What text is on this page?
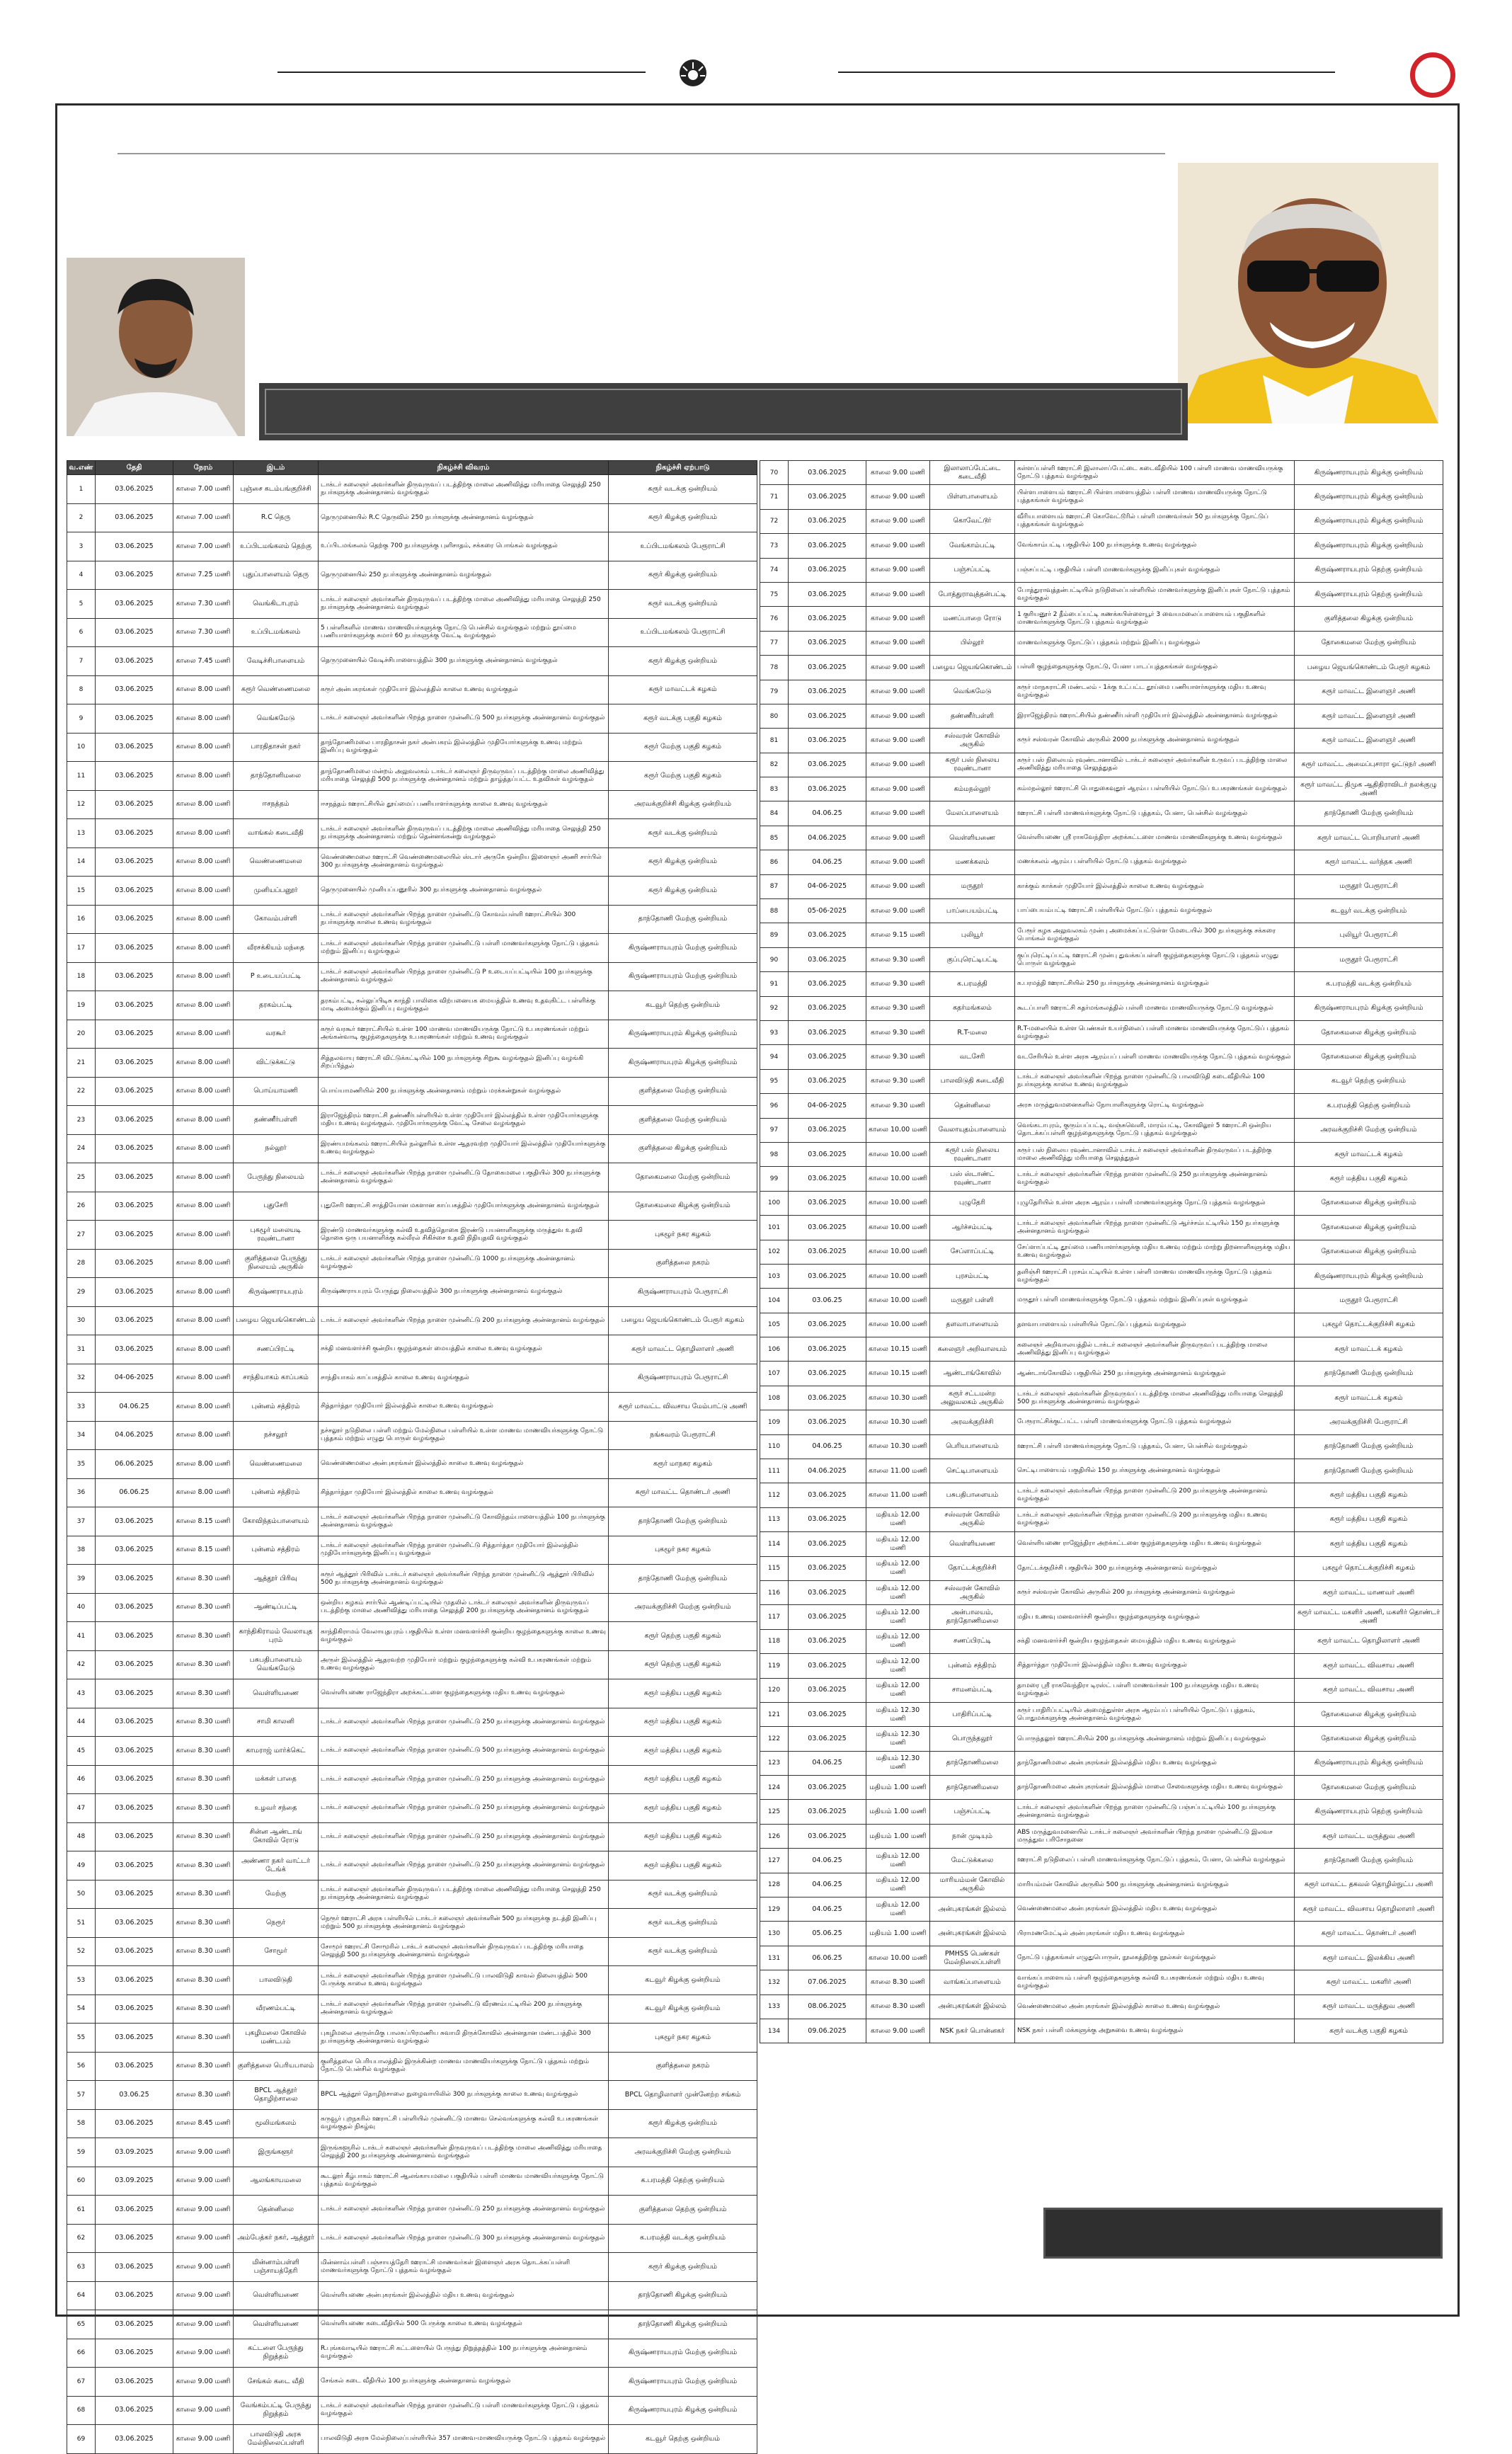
வ.எண்	தேதி	நேரம்	இடம்	நிகழ்ச்சி விவரம்	நிகழ்ச்சி ஏற்பாடு
1	03.06.2025	காலை 7.00 மணி	புஞ்சை கடம்பங்குறிச்சி	டாக்டர் கலைஞர் அவர்களின் திருவுருவப் படத்திற்கு மாலை அணிவித்து மரியாதை செலுத்தி 250 நபர்களுக்கு அன்னதானம் வழங்குதல்	கரூர் வடக்கு ஒன்றியம்
2	03.06.2025	காலை 7.00 மணி	R.C தெரு	தெருமுனையில் R.C தெருவில் 250 நபர்களுக்கு அன்னதானம் வழங்குதல்	கரூர் கிழக்கு ஒன்றியம்
3	03.06.2025	காலை 7.00 மணி	உப்பிடமங்கலம் தெற்கு	உப்பிடமங்கலம் தெற்கு 700 நபர்களுக்கு புளிசாதம், சக்கரை பொங்கல் வழங்குதல்	உப்பிடமங்கலம் பேரூராட்சி
4	03.06.2025	காலை 7.25 மணி	புதுப்பாளையம் தெரு	தெருமுனையில் 250 நபர்களுக்கு அன்னதானம் வழங்குதல்	கரூர் கிழக்கு ஒன்றியம்
5	03.06.2025	காலை 7.30 மணி	வெங்கிடாபுரம்	டாக்டர் கலைஞர் அவர்களின் திருவுருவப் படத்திற்கு மாலை அணிவித்து மரியாதை செலுத்தி 250 நபர்களுக்கு அன்னதானம் வழங்குதல்	கரூர் வடக்கு ஒன்றியம்
6	03.06.2025	காலை 7.30 மணி	உப்பிடமங்கலம்	5 பள்ளிகளில் மாணவ மாணவியர்களுக்கு நோட்டு பென்சில் வழங்குதல் மற்றும் தூய்மை பணியாளர்களுக்கு சுமார் 60 நபர்களுக்கு வேட்டி வழங்குதல்	உப்பிடமங்கலம் பேரூராட்சி
7	03.06.2025	காலை 7.45 மணி	வேடிச்சிபாளையம்	தெருமுனையில் வேடிச்சிபாளையத்தில் 300 நபர்களுக்கு அன்னதானம் வழங்குதல்	கரூர் கிழக்கு ஒன்றியம்
8	03.06.2025	காலை 8.00 மணி	கரூர் வெண்ணைமலை	கரூர் அன்பகரங்கள் முதியோர் இல்லத்தில் காலை உணவு வழங்குதல்	கரூர் மாவட்டக் கழகம்
9	03.06.2025	காலை 8.00 மணி	வெங்கமேடு	டாக்டர் கலைஞர் அவர்களின் பிறந்த நாளை முன்னிட்டு 500 நபர்களுக்கு அன்னதானம் வழங்குதல்	கரூர் வடக்கு பகுதி கழகம்
10	03.06.2025	காலை 8.00 மணி	பாரதிதாசன் நகர்	தாந்தோணிமலை பாரதிதாசன் நகர் அன்பகரம் இல்லத்தில் முதியோர்களுக்கு உணவு மற்றும் இனிப்பு வழங்குதல்	கரூர் மேற்கு பகுதி கழகம்
11	03.06.2025	காலை 8.00 மணி	தாந்தோனிமலை	தாந்தோணிமலை மன்றம் அலுவலகம் டாக்டர் கலைஞர் திருவுருவப் படத்திற்கு மாலை அணிவித்து மரியாதை செலுத்தி 500 நபர்களுக்கு அன்னதானம் மற்றும் தாழ்த்தப்பட்ட உதவிகள் வழங்குதல்	கரூர் மேற்கு பகுதி கழகம்
12	03.06.2025	காலை 8.00 மணி	ஈசநத்தம்	ஈசநத்தம் ஊராட்சியில் தூய்மைப் பணியாளர்களுக்கு காலை உணவு வழங்குதல்	அரவக்குறிச்சி கிழக்கு ஒன்றியம்
13	03.06.2025	காலை 8.00 மணி	வாங்கல் கடைவீதி	டாக்டர் கலைஞர் அவர்களின் திருவுருவப் படத்திற்கு மாலை அணிவித்து மரியாதை செலுத்தி 250 நபர்களுக்கு அன்னதானம் மற்றும் தென்னங்கன்று வழங்குதல்	கரூர் வடக்கு ஒன்றியம்
14	03.06.2025	காலை 8.00 மணி	வெண்ணைமலை	வெண்ணைமலை ஊராட்சி வெண்ணைமலையில் ஸ்டார் அருகே ஒன்றிய இளைஞர் அணி சார்பில் 300 நபர்களுக்கு அன்னதானம் வழங்குதல்	கரூர் கிழக்கு ஒன்றியம்
15	03.06.2025	காலை 8.00 மணி	முனியப்பனூர்	தெருமுனையில் முனியப்பனூரில் 300 நபர்களுக்கு அன்னதானம் வழங்குதல்	கரூர் கிழக்கு ஒன்றியம்
16	03.06.2025	காலை 8.00 மணி	கோவம்பள்ளி	டாக்டர் கலைஞர் அவர்களின் பிறந்த நாளை முன்னிட்டு கோவம்பள்ளி ஊராட்சியில் 300 நபர்களுக்கு காலை உணவு வழங்குதல்	தாந்தோணி மேற்கு ஒன்றியம்
17	03.06.2025	காலை 8.00 மணி	வீரசக்கியம் மந்தை	டாக்டர் கலைஞர் அவர்களின் பிறந்த நாளை முன்னிட்டு பள்ளி மாணவர்களுக்கு நோட்டு புத்தகம் மற்றும் இனிப்பு வழங்குதல்	கிருஷ்ணராயபுரம் மேற்கு ஒன்றியம்
18	03.06.2025	காலை 8.00 மணி	P உடையப்பட்டி	டாக்டர் கலைஞர் அவர்களின் பிறந்த நாளை முன்னிட்டு P உடையப்பட்டியில் 100 நபர்களுக்கு அன்னதானம் வழங்குதல்	கிருஷ்ணராயபுரம் மேற்கு ஒன்றியம்
19	03.06.2025	காலை 8.00 மணி	தரகம்பட்டி	தரகம்பட்டி, கல்லுப்பிடிசு காந்தி பாலிகை விற்பனையக மையத்தில் உணவு உதவுகிட்ட பள்ளிக்கு மாடி அமைக்கும் இனிப்பு வழங்குதல்	கடவூர் தெற்கு ஒன்றியம்
20	03.06.2025	காலை 8.00 மணி	வரகூர்	கரூர் வரகூர் ஊராட்சியில் உள்ள 100 மாணவ மாணவியருக்கு நோட்டு உபகரணங்கள் மற்றும் அங்கன்வாடி குழந்தைகளுக்கு உபகரணங்கள் மற்றும் உணவு வழங்குதல்	கிருஷ்ணராயபுரம் கிழக்கு ஒன்றியம்
21	03.06.2025	காலை 8.00 மணி	விட்டுக்கட்டு	சித்தலவாயு ஊராட்சி விட்டுக்கட்டியில் 100 நபர்களுக்கு சிறுகூ வழங்குதல் இனிப்பு வழங்கி சிறப்பித்தல்	கிருஷ்ணராயபுரம் கிழக்கு ஒன்றியம்
22	03.06.2025	காலை 8.00 மணி	பொய்யாமணி	பொய்யாமணியில் 200 நபர்களுக்கு அன்னதானம் மற்றும் மரக்கன்றுகள் வழங்குதல்	குளித்தலை மேற்கு ஒன்றியம்
23	03.06.2025	காலை 8.00 மணி	தண்ணீர்பள்ளி	இராஜேந்திரம் ஊராட்சி தண்ணீர்பள்ளியில் உள்ள முதியோர் இல்லத்தில் உள்ள முதியோர்களுக்கு மதிய உணவு வழங்குதல். முதியோர்களுக்கு வேட்டி சேலை வழங்குதல்	குளித்தலை மேற்கு ஒன்றியம்
24	03.06.2025	காலை 8.00 மணி	நல்லூர்	இரண்யமங்கலம் ஊராட்சியில் நல்லூரில் உள்ள ஆதரவற்ற முதியோர் இல்லத்தில் முதியோர்களுக்கு உணவு வழங்குதல்	குளித்தலை கிழக்கு ஒன்றியம்
25	03.06.2025	காலை 8.00 மணி	பேருந்து நிலையம்	டாக்டர் கலைஞர் அவர்களின் பிறந்த நாளை முன்னிட்டு தோகைமலை பகுதியில் 300 நபர்களுக்கு அன்னதானம் வழங்குதல்	தோகைமலை மேற்கு ஒன்றியம்
26	03.06.2025	காலை 8.00 மணி	புதுசேரி	புதுசேரி ஊராட்சி சாத்தியோன மகளான காப்பகத்தில் முதியோர்களுக்கு அன்னதானம் வழங்குதல்	தோகைமலை கிழக்கு ஒன்றியம்
27	03.06.2025	காலை 8.00 மணி	புகழூர் மலையடி ரவுண்டானா	இரண்டு மாணவர்களுக்கு கல்வி உதவித்தொகை இரண்டு பயனாளிகளுக்கு மருத்துவ உதவி தொகை ஒரு பயனாளிக்கு கல்லீரல் சிகிச்சை உதவி நிதியுதவி வழங்குதல்	புகழூர் நகர கழகம்
28	03.06.2025	காலை 8.00 மணி	குளித்தலை பேருந்து நிலையம் அருகில்	டாக்டர் கலைஞர் அவர்களின் பிறந்த நாளை முன்னிட்டு 1000 நபர்களுக்கு அன்னதானம் வழங்குதல்	குளித்தலை நகரம்
29	03.06.2025	காலை 8.00 மணி	கிருஷ்ணராயபுரம்	கிருஷ்ணராயபுரம் பேருந்து நிலையத்தில் 300 நபர்களுக்கு அன்னதானம் வழங்குதல்	கிருஷ்ணராயபுரம் பேரூராட்சி
30	03.06.2025	காலை 8.00 மணி	பழைய ஜெயங்கொண்டம்	டாக்டர் கலைஞர் அவர்களின் பிறந்த நாளை முன்னிட்டு 200 நபர்களுக்கு அன்னதானம் வழங்குதல்	பழைய ஜெயங்கொண்டம் பேரூர் கழகம்
31	03.06.2025	காலை 8.00 மணி	சணப்பிரட்டி	சக்தி மனவளர்ச்சி குன்றிய குழந்தைகள் மையத்தில் காலை உணவு வழங்குதல்	கரூர் மாவட்ட தொழிலாளர் அணி
32	04-06-2025	காலை 8.00 மணி	சாந்தியாகம் காப்பகம்	சாந்தியாகம் காப்பகத்தில் காலை உணவு வழங்குதல்	கிருஷ்ணராயபுரம் பேரூராட்சி
33	04.06.25	காலை 8.00 மணி	புன்னம் சத்திரம்	சித்தார்த்தா முதியோர் இல்லத்தில் காலை உணவு வழங்குதல்	கரூர் மாவட்ட விவசாய மேம்பாட்டு அணி
34	04.06.2025	காலை 8.00 மணி	நச்சலூர்	நச்சலூர் நடுநிலை பள்ளி மற்றும் மேல்நிலை பள்ளியில் உள்ள மாணவ மாணவியர்களுக்கு நோட்டு புத்தகம் மற்றும் எழுது பொருள் வழங்குதல்	நங்கவரம் பேரூராட்சி
35	06.06.2025	காலை 8.00 மணி	வெண்ணைமலை	வெண்ணைமலை அன்புகரங்கள் இல்லத்தில் காலை உணவு வழங்குதல்	கரூர் மாநகர கழகம்
36	06.06.25	காலை 8.00 மணி	புன்னம் சத்திரம்	சித்தார்த்தா முதியோர் இல்லத்தில் காலை உணவு வழங்குதல்	கரூர் மாவட்ட தொண்டர் அணி
37	03.06.2025	காலை 8.15 மணி	கோவிந்தம்பாளையம்	டாக்டர் கலைஞர் அவர்களின் பிறந்த நாளை முன்னிட்டு கோவிந்தம்பாளையத்தில் 100 நபர்களுக்கு அன்னதானம் வழங்குதல்	தாந்தோணி மேற்கு ஒன்றியம்
38	03.06.2025	காலை 8.15 மணி	புன்னம் சத்திரம்	டாக்டர் கலைஞர் அவர்களின் பிறந்த நாளை முன்னிட்டு சித்தார்த்தா முதியோர் இல்லத்தில் முதியோர்களுக்கு இனிப்பு வழங்குதல்	புகழூர் நகர கழகம்
39	03.06.2025	காலை 8.30 மணி	ஆத்தூர் பிரிவு	கரூர் ஆத்தூர் பிரிவில் டாக்டர் கலைஞர் அவர்களின் பிறந்த நாளை முன்னிட்டு ஆத்தூர் பிரிவில் 500 நபர்களுக்கு அன்னதானம் வழங்குதல்	தாந்தோணி மேற்கு ஒன்றியம்
40	03.06.2025	காலை 8.30 மணி	ஆண்டிப்பட்டி	ஒன்றிய கழகம் சார்பில் ஆண்டிப்பட்டியில் முதலில் டாக்டர் கலைஞர் அவர்களின் திருவுருவப் படத்திற்கு மாலை அணிவித்து மரியாதை செலுத்தி 200 நபர்களுக்கு அன்னதானம் வழங்குதல்	அரவக்குறிச்சி மேற்கு ஒன்றியம்
41	03.06.2025	காலை 8.30 மணி	காந்திகிராமம் வேலாயுத புரம்	காந்திகிராமம் வேலாயுதபுரம் பகுதியில் உள்ள மனவளர்ச்சி குன்றிய குழந்தைகளுக்கு காலை உணவு வழங்குதல்	கரூர் தெற்கு பகுதி கழகம்
42	03.06.2025	காலை 8.30 மணி	பசுபதிபாளையம் வெங்கமேடு	அருள் இல்லத்தில் ஆதரவற்ற முதியோர் மற்றும் குழந்தைகளுக்கு கல்வி உபகரணங்கள் மற்றும் உணவு வழங்குதல்	கரூர் தெற்கு பகுதி கழகம்
43	03.06.2025	காலை 8.30 மணி	வெள்ளியணை	வெள்ளியணை ராஜேந்திரா அறக்கட்டளை குழந்தைகளுக்கு மதிய உணவு வழங்குதல்	கரூர் மத்திய பகுதி கழகம்
44	03.06.2025	காலை 8.30 மணி	சாமி காலனி	டாக்டர் கலைஞர் அவர்களின் பிறந்த நாளை முன்னிட்டு 250 நபர்களுக்கு அன்னதானம் வழங்குதல்	கரூர் மத்திய பகுதி கழகம்
45	03.06.2025	காலை 8.30 மணி	காமராஜ் மார்க்கெட்	டாக்டர் கலைஞர் அவர்களின் பிறந்த நாளை முன்னிட்டு 500 நபர்களுக்கு அன்னதானம் வழங்குதல்	கரூர் மத்திய பகுதி கழகம்
46	03.06.2025	காலை 8.30 மணி	மக்கள் பாதை	டாக்டர் கலைஞர் அவர்களின் பிறந்த நாளை முன்னிட்டு 250 நபர்களுக்கு அன்னதானம் வழங்குதல்	கரூர் மத்திய பகுதி கழகம்
47	03.06.2025	காலை 8.30 மணி	உழவர் சந்தை	டாக்டர் கலைஞர் அவர்களின் பிறந்த நாளை முன்னிட்டு 250 நபர்களுக்கு அன்னதானம் வழங்குதல்	கரூர் மத்திய பகுதி கழகம்
48	03.06.2025	காலை 8.30 மணி	சின்ன ஆண்டாங் கோவில் ரோடு	டாக்டர் கலைஞர் அவர்களின் பிறந்த நாளை முன்னிட்டு 250 நபர்களுக்கு அன்னதானம் வழங்குதல்	கரூர் மத்திய பகுதி கழகம்
49	03.06.2025	காலை 8.30 மணி	அண்ணா நகர் வாட்டர் டேங்க்	டாக்டர் கலைஞர் அவர்களின் பிறந்த நாளை முன்னிட்டு 250 நபர்களுக்கு அன்னதானம் வழங்குதல்	கரூர் மத்திய பகுதி கழகம்
50	03.06.2025	காலை 8.30 மணி	மேற்கு	டாக்டர் கலைஞர் அவர்களின் திருவுருவப் படத்திற்கு மாலை அணிவித்து மரியாதை செலுத்தி 250 நபர்களுக்கு அன்னதானம் வழங்குதல்	கரூர் வடக்கு ஒன்றியம்
51	03.06.2025	காலை 8.30 மணி	நெரூர்	நெரூர் ஊராட்சி அரசு பள்ளியில் டாக்டர் கலைஞர் அவர்களின் 500 நபர்களுக்கு நடத்தி இனிப்பு மற்றும் 500 நபர்களுக்கு அன்னதானம் வழங்குதல்	கரூர் வடக்கு ஒன்றியம்
52	03.06.2025	காலை 8.30 மணி	சோமூர்	சோமூர் ஊராட்சி சோமூரில் டாக்டர் கலைஞர் அவர்களின் திருவுருவப் படத்திற்கு மரியாதை செலுத்தி 500 நபர்களுக்கு அன்னதானம் வழங்குதல்	கரூர் வடக்கு ஒன்றியம்
53	03.06.2025	காலை 8.30 மணி	பாலவிடுதி	டாக்டர் கலைஞர் அவர்களின் பிறந்த நாளை முன்னிட்டு பாலவிடுதி காவல் நிலையத்தில் 500 பேருக்கு காலை உணவு வழங்குதல்	கடவூர் கிழக்கு ஒன்றியம்
54	03.06.2025	காலை 8.30 மணி	வீரணம்பட்டி	டாக்டர் கலைஞர் அவர்களின் பிறந்த நாளை முன்னிட்டு வீரணம்பட்டியில் 200 நபர்களுக்கு அன்னதானம் வழங்குதல்	கடவூர் கிழக்கு ஒன்றியம்
55	03.06.2025	காலை 8.30 மணி	புகழிமலை கோவில் மண்டபம்	புகழிமலை அருள்மிகு பாலசுப்பிரமணிய சுவாமி திருக்கோவில் அன்னதான மண்டபத்தில் 300 நபர்களுக்கு அன்னதானம் வழங்குதல்	புகழூர் நகர கழகம்
56	03.06.2025	காலை 8.30 மணி	குளித்தலை பெரியபாலம்	குளித்தலை பெரியபாலத்தில் இருக்கின்ற மாணவ மாணவியர்களுக்கு நோட்டு புத்தகம் மற்றும் நோட்டு பென்சில் வழங்குதல்	குளித்தலை நகரம்
57	03.06.25	காலை 8.30 மணி	BPCL ஆத்தூர் தொழிற்சாலை	BPCL ஆத்தூர் தொழிற்சாலை நுழைவாயிலில் 300 நபர்களுக்கு காலை உணவு வழங்குதல்	BPCL தொழிலாளர் முன்னேற்ற சங்கம்
58	03.06.2025	காலை 8.45 மணி	மூலிமங்கலம்	கருவூர் புறநகரில் ஊராட்சி பள்ளியில் முன்னிட்டு மாணவ செல்வங்களுக்கு கல்வி உபகரணங்கள் வழங்குதல் நிகழ்வு	கரூர் கிழக்கு ஒன்றியம்
59	03.09.2025	காலை 9.00 மணி	இருங்களூர்	இருங்களூரில் டாக்டர் கலைஞர் அவர்களின் திருவுருவப் படத்திற்கு மாலை அணிவித்து மரியாதை செலுத்தி 200 நபர்களுக்கு அன்னதானம் வழங்குதல்	அரவக்குறிச்சி மேற்கு ஒன்றியம்
60	03.09.2025	காலை 9.00 மணி	ஆலங்காயமலை	கூடலூர் கீழ்பாகம் ஊராட்சி ஆலங்காயமலை பகுதியில் பள்ளி மாணவ மாணவியர்களுக்கு நோட்டு புத்தகம் வழங்குதல்	க.பரமத்தி தெற்கு ஒன்றியம்
61	03.06.2025	காலை 9.00 மணி	தென்னிலை	டாக்டர் கலைஞர் அவர்களின் பிறந்த நாளை முன்னிட்டு 250 நபர்களுக்கு அன்னதானம் வழங்குதல்	குளித்தலை தெற்கு ஒன்றியம்
62	03.06.2025	காலை 9.00 மணி	அம்பேத்கர் நகர், ஆத்தூர்	டாக்டர் கலைஞர் அவர்களின் பிறந்த நாளை முன்னிட்டு 300 நபர்களுக்கு அன்னதானம் வழங்குதல்	க.பரமத்தி வடக்கு ஒன்றியம்
63	03.06.2025	காலை 9.00 மணி	மின்னாம்பள்ளி பஞ்சாயத்தேரி	மின்னாம்பள்ளி பஞ்சாயத்தேரி ஊராட்சி மாணவர்கள் இளைஞர் அரசு தொடக்கப்பள்ளி மாணவர்களுக்கு நோட்டு புத்தகம் வழங்குதல்	கரூர் கிழக்கு ஒன்றியம்
64	03.06.2025	காலை 9.00 மணி	வெள்ளியணை	வெள்ளியணை அன்புகரங்கள் இல்லத்தில் மதிய உணவு வழங்குதல்	தாந்தோணி கிழக்கு ஒன்றியம்
65	03.06.2025	காலை 9.00 மணி	வெள்ளியணை	வெள்ளியணை கடைவீதியில் 500 பேருக்கு காலை உணவு வழங்குதல்	தாந்தோணி கிழக்கு ஒன்றியம்
66	03.06.2025	காலை 9.00 மணி	கட்டளை பேருந்து நிறுத்தம்	R.புங்கவாடியில் ஊராட்சி கட்டளையில் பேருந்து நிறுத்தத்தில் 100 நபர்களுக்கு அன்னதானம் வழங்குதல்	கிருஷ்ணராயபுரம் மேற்கு ஒன்றியம்
67	03.06.2025	காலை 9.00 மணி	சேங்கல் கடை வீதி	சேங்கல் கடை வீதியில் 100 நபர்களுக்கு அன்னதானம் வழங்குதல்	கிருஷ்ணராயபுரம் மேற்கு ஒன்றியம்
68	03.06.2025	காலை 9.00 மணி	வேங்கம்பட்டி பேருந்து நிறுத்தம்	டாக்டர் கலைஞர் அவர்களின் பிறந்த நாளை முன்னிட்டு பள்ளி மாணவர்களுக்கு நோட்டு புத்தகம் வழங்குதல்	கிருஷ்ணராயபுரம் கிழக்கு ஒன்றியம்
69	03.06.2025	காலை 9.00 மணி	பாலவிடுதி அரசு மேல்நிலைப்பள்ளி	பாலவிடுதி அரசு மேல்நிலைப்பள்ளியில் 357 மாணவ-மாணவியருக்கு நோட்டு புத்தகம் வழங்குதல்	கடவூர் தெற்கு ஒன்றியம்
70	03.06.2025	காலை 9.00 மணி	இலாலாப்பேட்டை கடைவீதி	கள்ளப்பள்ளி ஊராட்சி இலாலாப்பேட்டை கடைவீதியில் 100 பள்ளி மாணவ மாணவியருக்கு நோட்டு புத்தகம் வழங்குதல்	கிருஷ்ணராயபுரம் கிழக்கு ஒன்றியம்
71	03.06.2025	காலை 9.00 மணி	பிள்ளபாளையம்	பிள்ளபாளையம் ஊராட்சி பிள்ளபாளையத்தில் பள்ளி மாணவ மாணவியருக்கு நோட்டு புத்தகங்கள் வழங்குதல்	கிருஷ்ணராயபுரம் கிழக்கு ஒன்றியம்
72	03.06.2025	காலை 9.00 மணி	கொவேட்டூர்	வீரியபாளையம் ஊராட்சி கொவேட்டூரில் பள்ளி மாணவர்கள் 50 நபர்களுக்கு நோட்டுப் புத்தகங்கள் வழங்குதல்	கிருஷ்ணராயபுரம் கிழக்கு ஒன்றியம்
73	03.06.2025	காலை 9.00 மணி	வேங்காம்பட்டி	வேங்காம்பட்டி பகுதியில் 100 நபர்களுக்கு உணவு வழங்குதல்	கிருஷ்ணராயபுரம் கிழக்கு ஒன்றியம்
74	03.06.2025	காலை 9.00 மணி	பஞ்சப்பட்டி	பஞ்சப்பட்டி பகுதியில் பள்ளி மாணவர்களுக்கு இனிப்புகள் வழங்குதல்	கிருஷ்ணராயபுரம் தெற்கு ஒன்றியம்
75	03.06.2025	காலை 9.00 மணி	போத்துராவுத்தன்பட்டி	போத்துராவுத்தன்பட்டியில் நடுநிலைப்பள்ளியில் மாணவர்களுக்கு இனிப்புகள் நோட்டு புத்தகம் வழங்குதல்	கிருஷ்ணராயபுரம் தெற்கு ஒன்றியம்
76	03.06.2025	காலை 9.00 மணி	மணப்பாறை ரோடு	1 குரியனூர் 2 தீம்பைப்பட்டி கணக்கபிள்ளையூர் 3 வையமலைப்பாளையம் பகுதிகளில் மாணவர்களுக்கு நோட்டு புத்தகம் வழங்குதல்	குளித்தலை கிழக்கு ஒன்றியம்
77	03.06.2025	காலை 9.00 மணி	பில்லூர்	மாணவர்களுக்கு நோட்டுப் புத்தகம் மற்றும் இனிப்பு வழங்குதல்	தோகைமலை மேற்கு ஒன்றியம்
78	03.06.2025	காலை 9.00 மணி	பழைய ஜெயங்கொண்டம்	பள்ளி குழந்தைகளுக்கு நோட்டு, பேனா பாடப்புத்தகங்கள் வழங்குதல்	பழைய ஜெயங்கொண்டம் பேரூர் கழகம்
79	03.06.2025	காலை 9.00 மணி	வெங்கமேடு	கரூர் மாநகராட்சி மண்டலம் - 1க்கு உட்பட்ட தூய்மை பணியாளர்களுக்கு மதிய உணவு வழங்குதல்	கரூர் மாவட்ட இளைஞர் அணி
80	03.06.2025	காலை 9.00 மணி	தண்ணீர்பள்ளி	இராஜேந்திரம் ஊராட்சியில் தண்ணீர்பள்ளி முதியோர் இல்லத்தில் அன்னதானம் வழங்குதல்	கரூர் மாவட்ட இளைஞர் அணி
81	03.06.2025	காலை 9.00 மணி	சஸ்வரன் கோவில் அருகில்	கரூர் சஸ்வரன் கோவில் அருகில் 2000 நபர்களுக்கு அன்னதானம் வழங்குதல்	கரூர் மாவட்ட இளைஞர் அணி
82	03.06.2025	காலை 9.00 மணி	கரூர் பஸ் நிலைய ரவுண்டானா	கரூர் பஸ் நிலையம் ரவுண்டானாவில் டாக்டர் கலைஞர் அவர்களின் உருவப் படத்திற்கு மாலை அணிவித்து மரியாதை செலுத்துதல்	கரூர் மாவட்ட அமைப்புசாரா ஓட்டுநர் அணி
83	03.06.2025	காலை 9.00 மணி	கம்மநல்லூர்	கம்மநல்லூர் ஊராட்சி பொதுகைவுதூர் ஆரம்ப பள்ளியில் நோட்டுப் உபகரணங்கள் வழங்குதல்	கரூர் மாவட்ட திமுக ஆதிதிராவிடர் நலக்குழு அணி
84	04.06.25	காலை 9.00 மணி	மேலப்பாளையம்	ஊராட்சி பள்ளி மாணவர்களுக்கு நோட்டு புத்தகம், பேனா, பென்சில் வழங்குதல்	தாந்தோணி மேற்கு ஒன்றியம்
85	04.06.2025	காலை 9.00 மணி	வெள்ளியணை	வெள்ளியணை ஸ்ரீ ராகவேந்திரா அறக்கட்டளை மாணவ மாணவிகளுக்கு உணவு வழங்குதல்	கரூர் மாவட்ட பொறியாளர் அணி
86	04.06.25	காலை 9.00 மணி	மணக்கலம்	மணக்கலம் ஆரம்ப பள்ளியில் நோட்டு புத்தகம் வழங்குதல்	கரூர் மாவட்ட வர்த்தக அணி
87	04-06-2025	காலை 9.00 மணி	மருதூர்	காக்கும் காக்கள் முதியோர் இல்லத்தில் காலை உணவு வழங்குதல்	மருதூர் பேரூராட்சி
88	05-06-2025	காலை 9.00 மணி	பாப்பையம்பட்டி	பாப்பையம்பட்டி ஊராட்சி பள்ளியில் நோட்டுப் புத்தகம் வழங்குதல்	கடவூர் வடக்கு ஒன்றியம்
89	03.06.2025	காலை 9.15 மணி	புலியூர்	பேரூர் கழக அலுவலகம் முன்பு அமைக்கப்பட்டுள்ள மேடையில் 300 நபர்களுக்கு சக்கரை பொங்கல் வழங்குதல்	புலியூர் பேரூராட்சி
90	03.06.2025	காலை 9.30 மணி	குப்புரெட்டிபட்டி	குப்புரெட்டிப்பட்டி ஊராட்சி முன்பு துவக்கப்பள்ளி குழந்தைகளுக்கு நோட்டு புத்தகம் எழுது பொருள் வழங்குதல்	மருதூர் பேரூராட்சி
91	03.06.2025	காலை 9.30 மணி	க.பரமத்தி	க.பரமத்தி ஊராட்சியில் 250 நபர்களுக்கு அன்னதானம் வழங்குதல்	க.பரமத்தி வடக்கு ஒன்றியம்
92	03.06.2025	காலை 9.30 மணி	கதர்மங்கலம்	கூடப்பாளி ஊராட்சி கதர்மங்கலத்தில் பள்ளி மாணவ மாணவியருக்கு நோட்டு வழங்குதல்	கிருஷ்ணராயபுரம் கிழக்கு ஒன்றியம்
93	03.06.2025	காலை 9.30 மணி	R.T-மலை	R.T-மலையில் உள்ள பெண்கள் உயர்நிலைப் பள்ளி மாணவ மாணவியருக்கு நோட்டுப் புத்தகம் வழங்குதல்	தோகைமலை கிழக்கு ஒன்றியம்
94	03.06.2025	காலை 9.30 மணி	வடசேரி	வடசேரியில் உள்ள அரசு ஆரம்பப் பள்ளி மாணவ மாணவியருக்கு நோட்டு புத்தகம் வழங்குதல்	தோகைமலை கிழக்கு ஒன்றியம்
95	03.06.2025	காலை 9.30 மணி	பாலவிடுதி கடைவீதி	டாக்டர் கலைஞர் அவர்களின் பிறந்த நாளை முன்னிட்டு பாலவிடுதி கடைவீதியில் 100 நபர்களுக்கு காலை உணவு வழங்குதல்	கடவூர் தெற்கு ஒன்றியம்
96	04-06-2025	காலை 9.30 மணி	தென்னிலை	அரசு மருத்துவமனைகளில் நோயாளிகளுக்கு ரொட்டி வழங்குதல்	க.பரமத்தி தெற்கு ஒன்றியம்
97	03.06.2025	காலை 10.00 மணி	வேலாயுதம்பாளையம்	வெங்கடாபுரம், குரும்பப்பட்டி, வஞ்சுவெளி, மாரம்பட்டி, கோவிலூர் 5 ஊராட்சி ஒன்றிய தொடக்கப்பள்ளி குழந்தைகளுக்கு நோட்டு புத்தகம் வழங்குதல்	அரவக்குறிச்சி மேற்கு ஒன்றியம்
98	03.06.2025	காலை 10.00 மணி	கரூர் பஸ் நிலைய ரவுண்டானா	கரூர் பஸ் நிலைய ரவுண்டானாவில் டாக்டர் கலைஞர் அவர்களின் திருவுருவப் படத்திற்கு மாலை அணிவித்து மரியாதை செலுத்துதல்	கரூர் மாவட்டக் கழகம்
99	03.06.2025	காலை 10.00 மணி	பஸ் ஸ்டாண்ட் ரவுண்டானா	டாக்டர் கலைஞர் அவர்களின் பிறந்த நாளை முன்னிட்டு 250 நபர்களுக்கு அன்னதானம் வழங்குதல்	கரூர் மத்திய பகுதி கழகம்
100	03.06.2025	காலை 10.00 மணி	புழுதேரி	புழுதேரியில் உள்ள அரசு ஆரம்ப பள்ளி மாணவர்களுக்கு நோட்டு புத்தகம் வழங்குதல்	தோகைமலை கிழக்கு ஒன்றியம்
101	03.06.2025	காலை 10.00 மணி	ஆர்ச்சம்பட்டி	டாக்டர் கலைஞர் அவர்களின் பிறந்த நாளை முன்னிட்டு ஆர்ச்சம்பட்டியில் 150 நபர்களுக்கு அன்னதானம் வழங்குதல்	தோகைமலை கிழக்கு ஒன்றியம்
102	03.06.2025	காலை 10.00 மணி	சேப்ளாப்பட்டி	சேப்ளாப்பட்டி தூய்மை பணியாளர்களுக்கு மதிய உணவு மற்றும் மாற்று திறனாளிகளுக்கு மதிய உணவு வழங்குதல்	தோகைமலை கிழக்கு ஒன்றியம்
103	03.06.2025	காலை 10.00 மணி	புரசம்பட்டி	தளிஞ்சி ஊராட்சி புரசம்பட்டியில் உள்ள பள்ளி மாணவ மாணவியருக்கு நோட்டு புத்தகம் வழங்குதல்	கிருஷ்ணராயபுரம் கிழக்கு ஒன்றியம்
104	03.06.25	காலை 10.00 மணி	மருதூர் பள்ளி	மருதூர் பள்ளி மாணவர்களுக்கு நோட்டு புத்தகம் மற்றும் இனிப்புகள் வழங்குதல்	மருதூர் பேரூராட்சி
105	03.06.2025	காலை 10.00 மணி	தளவாபாளையம்	தளவாபாளையம் பள்ளியில் நோட்டுப் புத்தகம் வழங்குதல்	புகழூர் தொட்டக்குறிச்சி கழகம்
106	03.06.2025	காலை 10.15 மணி	கலைஞர் அறிவாலயம்	கலைஞர் அறிவாலயத்தில் டாக்டர் கலைஞர் அவர்களின் திருவுருவப் படத்திற்கு மாலை அணிவித்து இனிப்பு வழங்குதல்	கரூர் மாவட்டக் கழகம்
107	03.06.2025	காலை 10.15 மணி	ஆண்டாங்கோவில்	ஆண்டாங்கோவில் பகுதியில் 250 நபர்களுக்கு அன்னதானம் வழங்குதல்	தாந்தோணி மேற்கு ஒன்றியம்
108	03.06.2025	காலை 10.30 மணி	கரூர் சட்டமன்ற அலுவலகம் அருகில்	டாக்டர் கலைஞர் அவர்களின் திருவுருவப் படத்திற்கு மாலை அணிவித்து மரியாதை செலுத்தி 500 நபர்களுக்கு அன்னதானம் வழங்குதல்	கரூர் மாவட்டக் கழகம்
109	03.06.2025	காலை 10.30 மணி	அரவக்குறிச்சி	பேரூராட்சிக்குட்பட்ட பள்ளி மாணவர்களுக்கு நோட்டு புத்தகம் வழங்குதல்	அரவக்குறிச்சி பேரூராட்சி
110	04.06.25	காலை 10.30 மணி	பெரியபாளையம்	ஊராட்சி பள்ளி மாணவர்களுக்கு நோட்டு புத்தகம், பேனா, பென்சில் வழங்குதல்	தாந்தோணி மேற்கு ஒன்றியம்
111	04.06.2025	காலை 11.00 மணி	செட்டிபாளையம்	செட்டிபாளையம் பகுதியில் 150 நபர்களுக்கு அன்னதானம் வழங்குதல்	தாந்தோணி மேற்கு ஒன்றியம்
112	03.06.2025	காலை 11.00 மணி	பசுபதிபாளையம்	டாக்டர் கலைஞர் அவர்களின் பிறந்த நாளை முன்னிட்டு 200 நபர்களுக்கு அன்னதானம் வழங்குதல்	கரூர் மத்திய பகுதி கழகம்
113	03.06.2025	மதியம் 12.00 மணி	சஸ்வரன் கோவில் அருகில்	டாக்டர் கலைஞர் அவர்களின் பிறந்த நாளை முன்னிட்டு 200 நபர்களுக்கு மதிய உணவு வழங்குதல்	கரூர் மத்திய பகுதி கழகம்
114	03.06.2025	மதியம் 12.00 மணி	வெள்ளியணை	வெள்ளியணை ராஜேந்திரா அறக்கட்டளை குழந்தைகளுக்கு மதிய உணவு வழங்குதல்	கரூர் மத்திய பகுதி கழகம்
115	03.06.2025	மதியம் 12.00 மணி	தோட்டக்குறிச்சி	தோட்டக்குறிச்சி பகுதியில் 300 நபர்களுக்கு அன்னதானம் வழங்குதல்	புகழூர் தொட்டக்குறிச்சி கழகம்
116	03.06.2025	மதியம் 12.00 மணி	சஸ்வரன் கோவில் அருகில்	கரூர் சஸ்வரன் கோவில் அருகில் 200 நபர்களுக்கு அன்னதானம் வழங்குதல்	கரூர் மாவட்ட மாணவர் அணி
117	03.06.2025	மதியம் 12.00 மணி	அன்பாலயம், தாந்தோணிமலை	மதிய உணவு மனவளர்ச்சி குன்றிய குழந்தைகளுக்கு வழங்குதல்	கரூர் மாவட்ட மகளிர் அணி, மகளிர் தொண்டர் அணி
118	03.06.2025	மதியம் 12.00 மணி	சணப்பிரட்டி	சக்தி மனவளர்ச்சி குன்றிய குழந்தைகள் மையத்தில் மதிய உணவு வழங்குதல்	கரூர் மாவட்ட தொழிலாளர் அணி
119	03.06.2025	மதியம் 12.00 மணி	புன்னம் சத்திரம்	சித்தார்த்தா முதியோர் இல்லத்தில் மதிய உணவு வழங்குதல்	கரூர் மாவட்ட விவசாய அணி
120	03.06.2025	மதியம் 12.00 மணி	சாமனம்பட்டி	தாமரை ஸ்ரீ ராகவேந்திரா டிரஸ்ட் பள்ளி மாணவர்கள் 100 நபர்களுக்கு மதிய உணவு வழங்குதல்	கரூர் மாவட்ட விவசாய அணி
121	03.06.2025	மதியம் 12.30 மணி	பாதிரிப்பட்டி	கரூர் பாதிரிப்பட்டியில் அமைந்துள்ள அரசு ஆரம்பப் பள்ளியில் நோட்டுப் புத்தகம், பொதுமக்களுக்கு அன்னதானம் வழங்குதல்	தோகைமலை கிழக்கு ஒன்றியம்
122	03.06.2025	மதியம் 12.30 மணி	பொருந்தலூர்	பொருந்தலூர் ஊராட்சியில் 200 நபர்களுக்கு அன்னதானம் மற்றும் இனிப்பு வழங்குதல்	தோகைமலை கிழக்கு ஒன்றியம்
123	04.06.25	மதியம் 12.30 மணி	தாந்தோணிமலை	தாந்தோணிமலை அன்புகரங்கள் இல்லத்தில் மதிய உணவு வழங்குதல்	கிருஷ்ணராயபுரம் கிழக்கு ஒன்றியம்
124	03.06.2025	மதியம் 1.00 மணி	தாந்தோணிமலை	தாந்தோணிமலை அன்புகரங்கள் இல்லத்தில் மாலை சேவைகளுக்கு மதிய உணவு வழங்குதல்	தோகைமலை மேற்கு ஒன்றியம்
125	03.06.2025	மதியம் 1.00 மணி	பஞ்சப்பட்டி	டாக்டர் கலைஞர் அவர்களின் பிறந்த நாளை முன்னிட்டு பஞ்சப்பட்டியில் 100 நபர்களுக்கு அன்னதானம் வழங்குதல்	கிருஷ்ணராயபுரம் தெற்கு ஒன்றியம்
126	03.06.2025	மதியம் 1.00 மணி	நான் முடியும்	ABS மருத்துவமனையில் டாக்டர் கலைஞர் அவர்களின் பிறந்த நாளை முன்னிட்டு இலவச மருத்துவ பரிசோதனை	கரூர் மாவட்ட மருத்துவ அணி
127	04.06.25	மதியம் 12.00 மணி	மேட்டுக்கலை	ஊராட்சி நடுநிலைப் பள்ளி மாணவர்களுக்கு நோட்டுப் புத்தகம், பேனா, பென்சில் வழங்குதல்	தாந்தோணி மேற்கு ஒன்றியம்
128	04.06.25	மதியம் 12.00 மணி	மாரியம்மன் கோவில் அருகில்	மாரியம்மன் கோவில் அருகில் 500 நபர்களுக்கு அன்னதானம் வழங்குதல்	கரூர் மாவட்ட தகவல் தொழில்நுட்ப அணி
129	04.06.25	மதியம் 12.00 மணி	அன்புகரங்கள் இல்லம்	வெண்ணைமலை அன்புகரங்கள் இல்லத்தில் மதிய உணவு வழங்குதல்	கரூர் மாவட்ட விவசாய தொழிலாளர் அணி
130	05.06.25	மதியம் 1.00 மணி	அன்புகரங்கள் இல்லம்	பிராமணமேட்டில் அன்புகரங்கள் மதிய உணவு வழங்குதல்	கரூர் மாவட்ட தொண்டர் அணி
131	06.06.25	காலை 10.00 மணி	PMHSS பெண்கள் மேல்நிலைப்பள்ளி	நோட்டு புத்தகங்கள் எழுதுபொருள், நூலகத்திற்கு நூல்கள் வழங்குதல்	கரூர் மாவட்ட இலக்கிய அணி
132	07.06.2025	காலை 8.30 மணி	வாங்கப்பாளையம்	வாங்கப்பாளையம் பள்ளி குழந்தைகளுக்கு கல்வி உபகரணங்கள் மற்றும் மதிய உணவு வழங்குதல்	கரூர் மாவட்ட மகளிர் அணி
133	08.06.2025	காலை 8.30 மணி	அன்புகரங்கள் இல்லம்	வெண்ணைமலை அன்புகரங்கள் இல்லத்தில் காலை உணவு வழங்குதல்	கரூர் மாவட்ட மருத்துவ அணி
134	09.06.2025	காலை 9.00 மணி	NSK நகர் பொன்னகர்	NSK நகர் பள்ளி மக்களுக்கு அறுசுவை உணவு வழங்குதல்	கரூர் வடக்கு பகுதி கழகம்
